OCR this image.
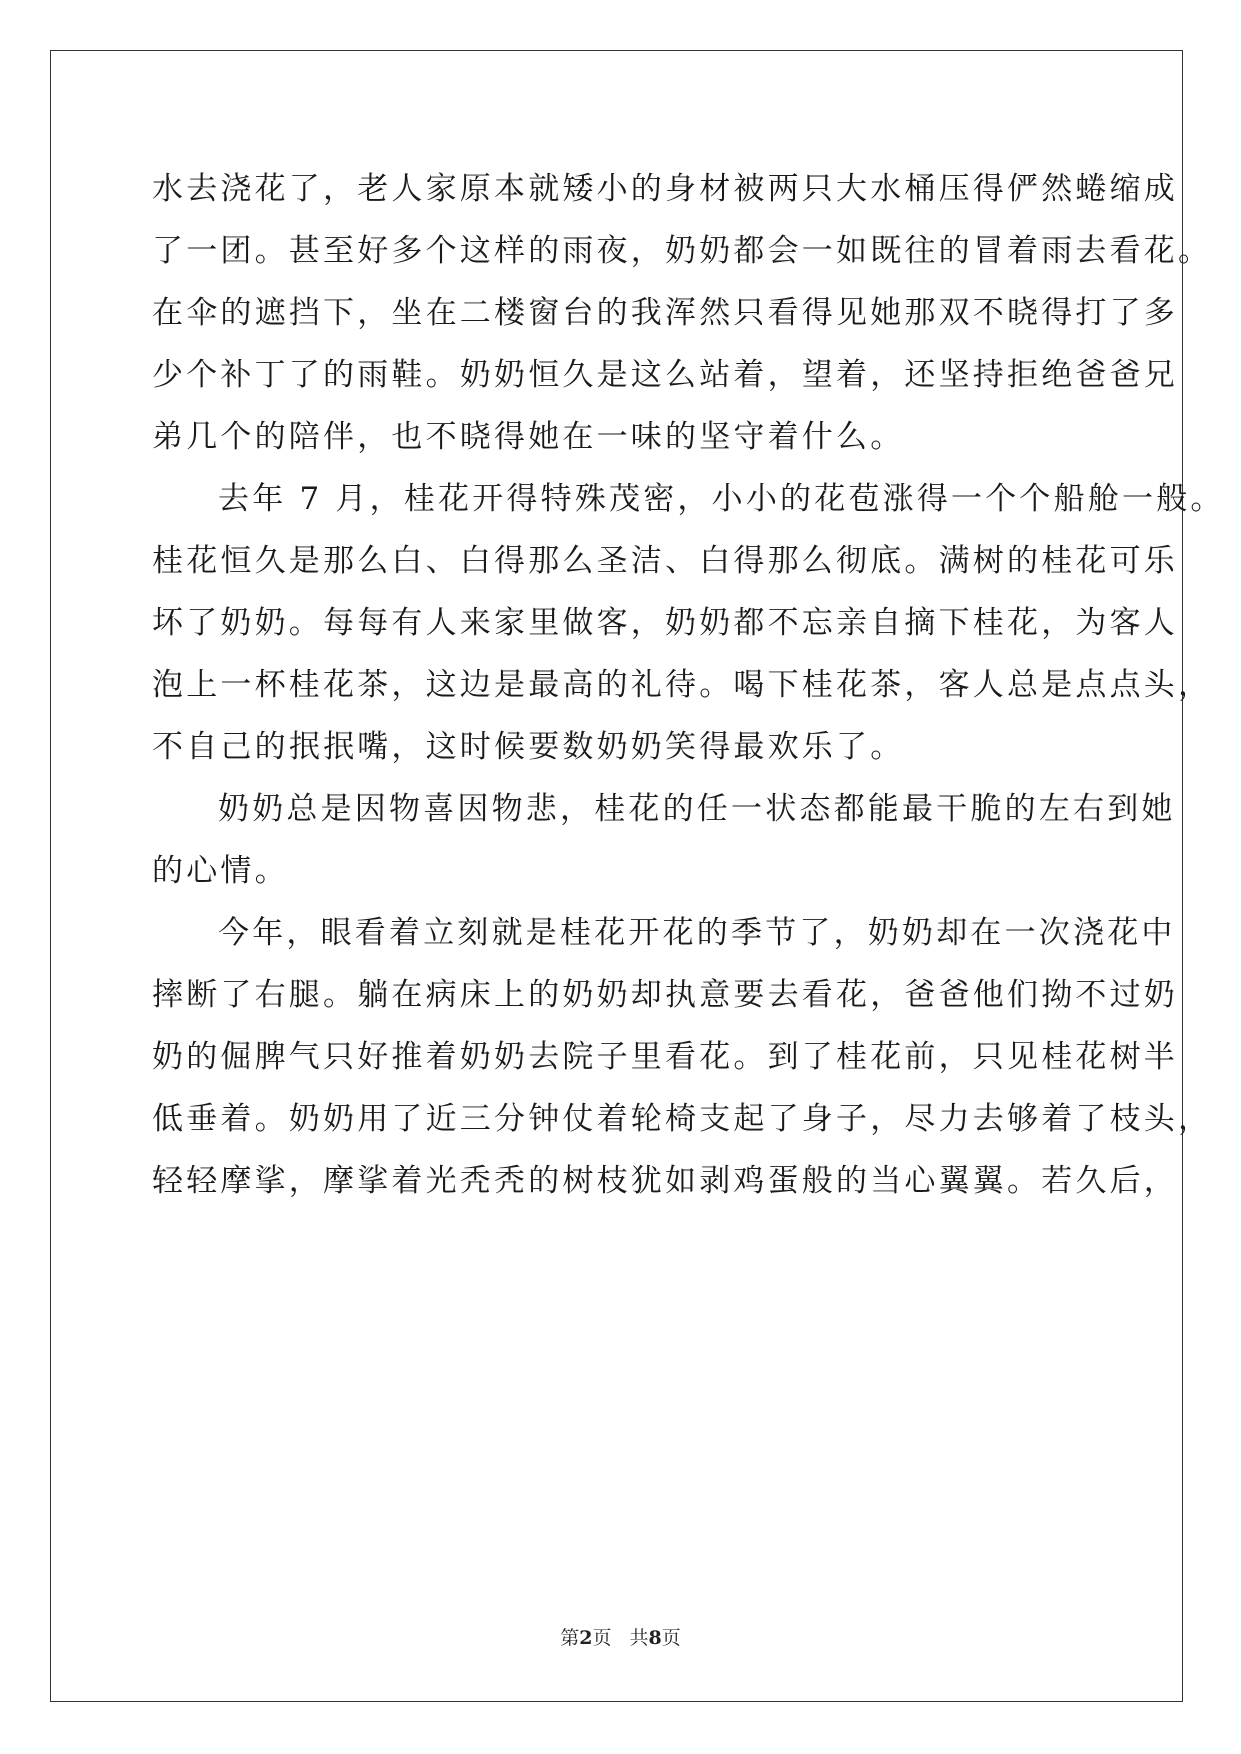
水去浇花了，老人家原本就矮小的身材被两只大水桶压得俨然蜷缩成
了一团。甚至好多个这样的雨夜，奶奶都会一如既往的冒着雨去看花。
在伞的遮挡下，坐在二楼窗台的我浑然只看得见她那双不晓得打了多
少个补丁了的雨鞋。奶奶恒久是这么站着，望着，还坚持拒绝爸爸兄
弟几个的陪伴，也不晓得她在一味的坚守着什么。
去年 7 月，桂花开得特殊茂密，小小的花苞涨得一个个船舱一般。
桂花恒久是那么白、白得那么圣洁、白得那么彻底。满树的桂花可乐
坏了奶奶。每每有人来家里做客，奶奶都不忘亲自摘下桂花，为客人
泡上一杯桂花茶，这边是最高的礼待。喝下桂花茶，客人总是点点头，
不自己的抿抿嘴，这时候要数奶奶笑得最欢乐了。
奶奶总是因物喜因物悲，桂花的任一状态都能最干脆的左右到她
的心情。
今年，眼看着立刻就是桂花开花的季节了，奶奶却在一次浇花中
摔断了右腿。躺在病床上的奶奶却执意要去看花，爸爸他们拗不过奶
奶的倔脾气只好推着奶奶去院子里看花。到了桂花前，只见桂花树半
低垂着。奶奶用了近三分钟仗着轮椅支起了身子，尽力去够着了枝头，
轻轻摩挲，摩挲着光秃秃的树枝犹如剥鸡蛋般的当心翼翼。若久后，
第2页 共8页
